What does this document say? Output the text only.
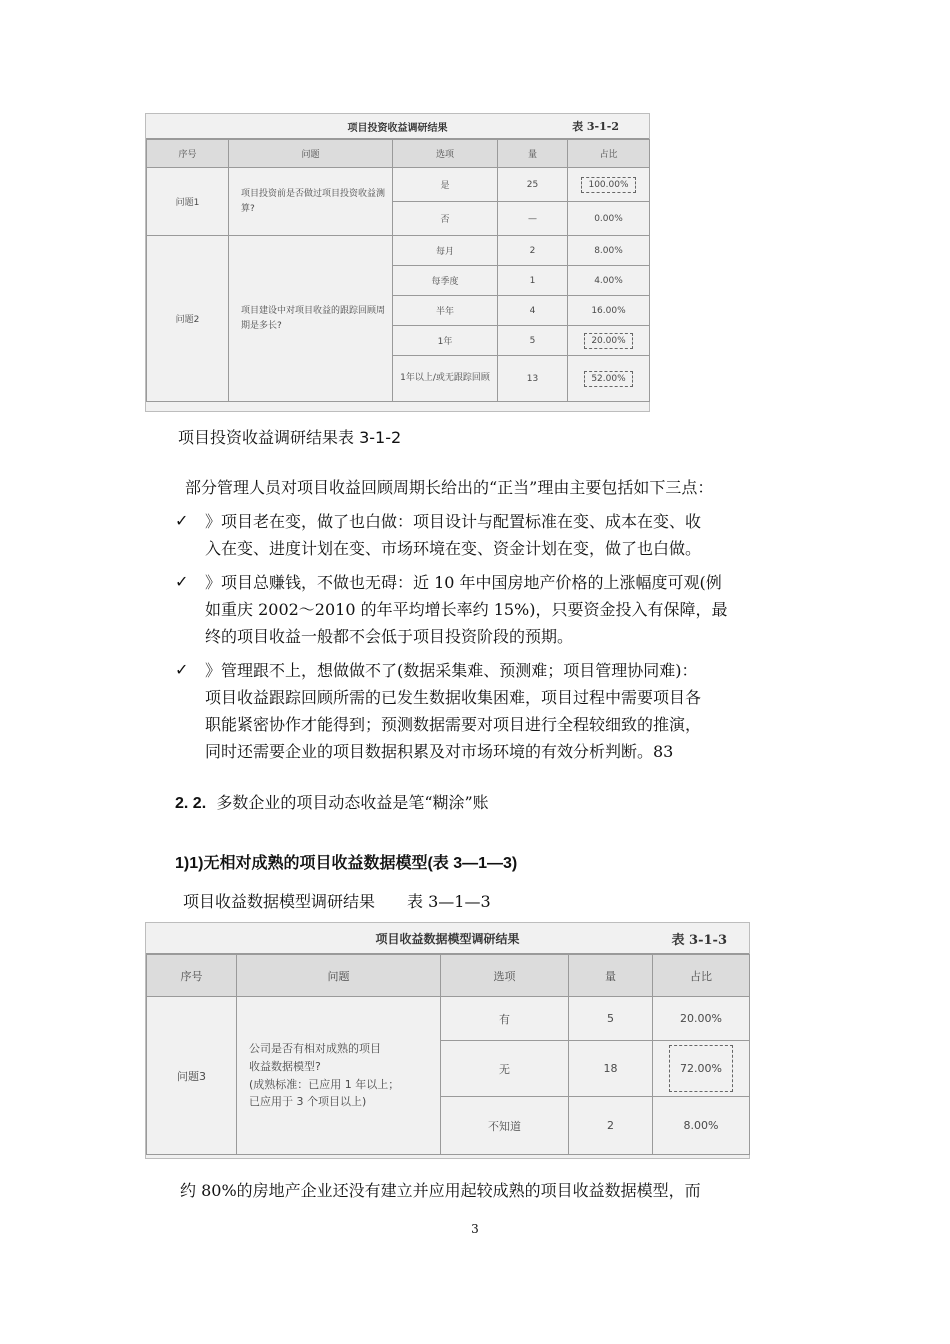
项目投资收益调研结果	表 3-1-2
序号	问题	选项	量	占比
问题1	项目投资前是否做过项目投资收益测算?	是	25	100.00%
		否	—	0.00%
问题2	项目建设中对项目收益的跟踪回顾周期是多长?	每月	2	8.00%
		每季度	1	4.00%
		半年	4	16.00%
		1年	5	20.00%
		1年以上/或无跟踪回顾	13	52.00%
项目投资收益调研结果表 3-1-2
部分管理人员对项目收益回顾周期长给出的“正当”理由主要包括如下三点：
✓ 》项目老在变，做了也白做：项目设计与配置标准在变、成本在变、收
入在变、进度计划在变、市场环境在变、资金计划在变，做了也白做。
✓ 》项目总赚钱，不做也无碍：近 10 年中国房地产价格的上涨幅度可观(例
如重庆 2002～2010 的年平均增长率约 15%)，只要资金投入有保障，最
终的项目收益一般都不会低于项目投资阶段的预期。
✓ 》管理跟不上，想做做不了(数据采集难、预测难；项目管理协同难)：
项目收益跟踪回顾所需的已发生数据收集困难，项目过程中需要项目各
职能紧密协作才能得到；预测数据需要对项目进行全程较细致的推演，
同时还需要企业的项目数据积累及对市场环境的有效分析判断。83
2. 2. 多数企业的项目动态收益是笔“糊涂”账
1)1)无相对成熟的项目收益数据模型(表 3—1—3)
项目收益数据模型调研结果　　表 3—1—3
项目收益数据模型调研结果	表 3-1-3
序号	问题	选项	量	占比
问题3	公司是否有相对成熟的项目
收益数据模型?
(成熟标准：已应用 1 年以上；
已应用于 3 个项目以上)	有	5	20.00%
		无	18	72.00%
		不知道	2	8.00%
约 80%的房地产企业还没有建立并应用起较成熟的项目收益数据模型，而
3
